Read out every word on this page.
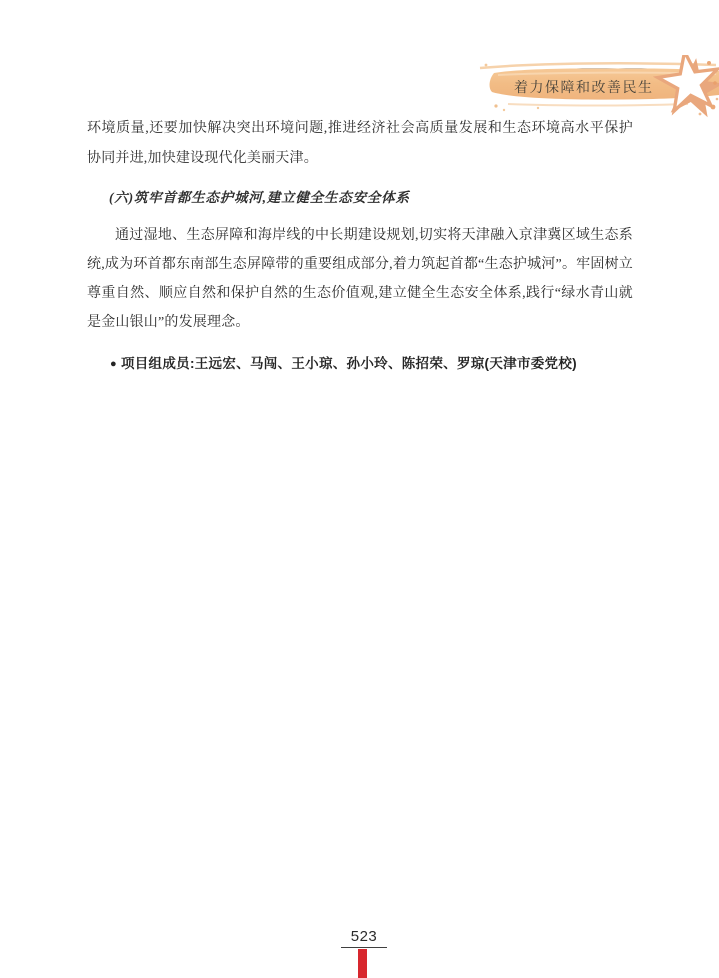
着力保障和改善民生

环境质量,还要加快解决突出环境问题,推进经济社会高质量发展和生态环境高水平保护协同并进,加快建设现代化美丽天津。

(六)筑牢首都生态护城河,建立健全生态安全体系

通过湿地、生态屏障和海岸线的中长期建设规划,切实将天津融入京津冀区域生态系统,成为环首都东南部生态屏障带的重要组成部分,着力筑起首都“生态护城河”。牢固树立尊重自然、顺应自然和保护自然的生态价值观,建立健全生态安全体系,践行“绿水青山就是金山银山”的发展理念。

● 项目组成员:王远宏、马闯、王小琼、孙小玲、陈招荣、罗琼(天津市委党校)

523
